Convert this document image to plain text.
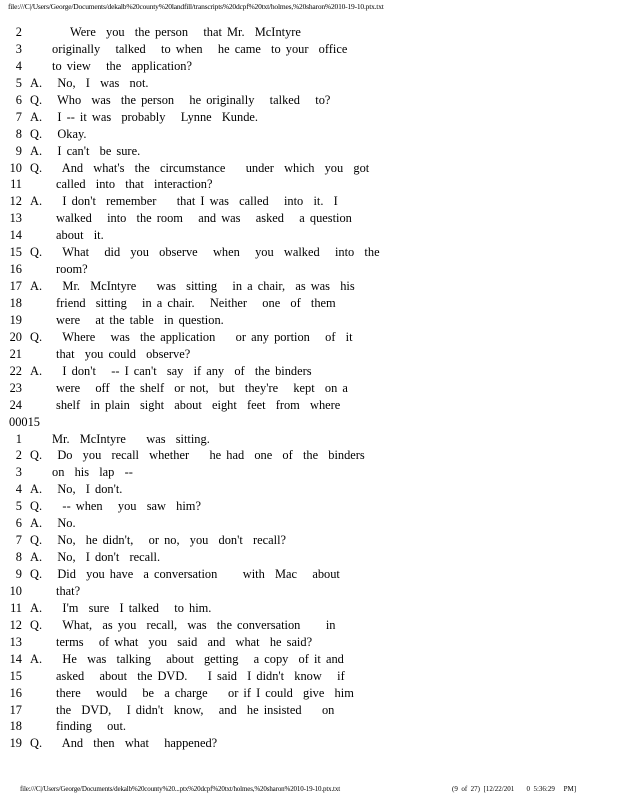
file:///C|/Users/George/Documents/dekalb%20county%20landfill/transcripts%20dcpf%20txt/holmes,%20sharon%2010-19-10.ptx.txt
2	Were  you  the person   that Mr.  McIntyre
3 originally   talked   to when   he came  to your  office
4 to view   the  application?
5 A.   No,  I  was  not.
6 Q.   Who  was  the person   he originally   talked   to?
7 A.   I -- it was  probably   Lynne  Kunde.
8 Q.   Okay.
9 A.   I can't  be sure.
10 Q.    And  what's  the  circumstance    under  which  you  got
11	called  into  that  interaction?
12 A.    I don't  remember    that I was  called   into  it.  I
13	walked   into  the room   and was   asked   a question
14	about  it.
15 Q.    What   did  you  observe   when   you  walked   into  the
16	room?
17 A.    Mr.  McIntyre    was  sitting   in a chair,  as was  his
18	friend  sitting   in a chair.   Neither   one  of  them
19	were   at the table  in question.
20 Q.    Where   was  the application    or any portion   of  it
21	that  you could  observe?
22 A.    I don't   -- I can't  say  if any  of  the binders
23	were   off  the shelf  or not,  but  they're   kept  on a
24	shelf  in plain  sight  about  eight  feet  from  where
00015
1 Mr.  McIntyre    was  sitting.
2 Q.   Do  you  recall  whether    he had  one  of  the  binders
3 on  his  lap  --
4 A.   No,  I don't.
5 Q.    -- when   you  saw  him?
6 A.   No.
7 Q.   No,  he didn't,   or no,  you  don't  recall?
8 A.   No,  I don't  recall.
9 Q.   Did  you have  a conversation     with  Mac   about
10	that?
11 A.    I'm  sure  I talked   to him.
12 Q.    What,  as you  recall,  was  the conversation     in
13	terms   of what  you  said  and  what  he said?
14 A.    He  was  talking   about  getting   a copy  of it and
15	asked   about  the DVD.    I said  I didn't  know   if
16	there   would   be  a charge    or if I could  give  him
17	the  DVD,   I didn't  know,   and  he insisted    on
18	finding   out.
19 Q.    And  then  what   happened?
file:///C|/Users/George/Documents/dekalb%20county%20...ptx%20dcpf%20txt/holmes,%20sharon%2010-19-10.ptx.txt	(9  of  27)  [12/22/201       0  5:36:29     PM]
